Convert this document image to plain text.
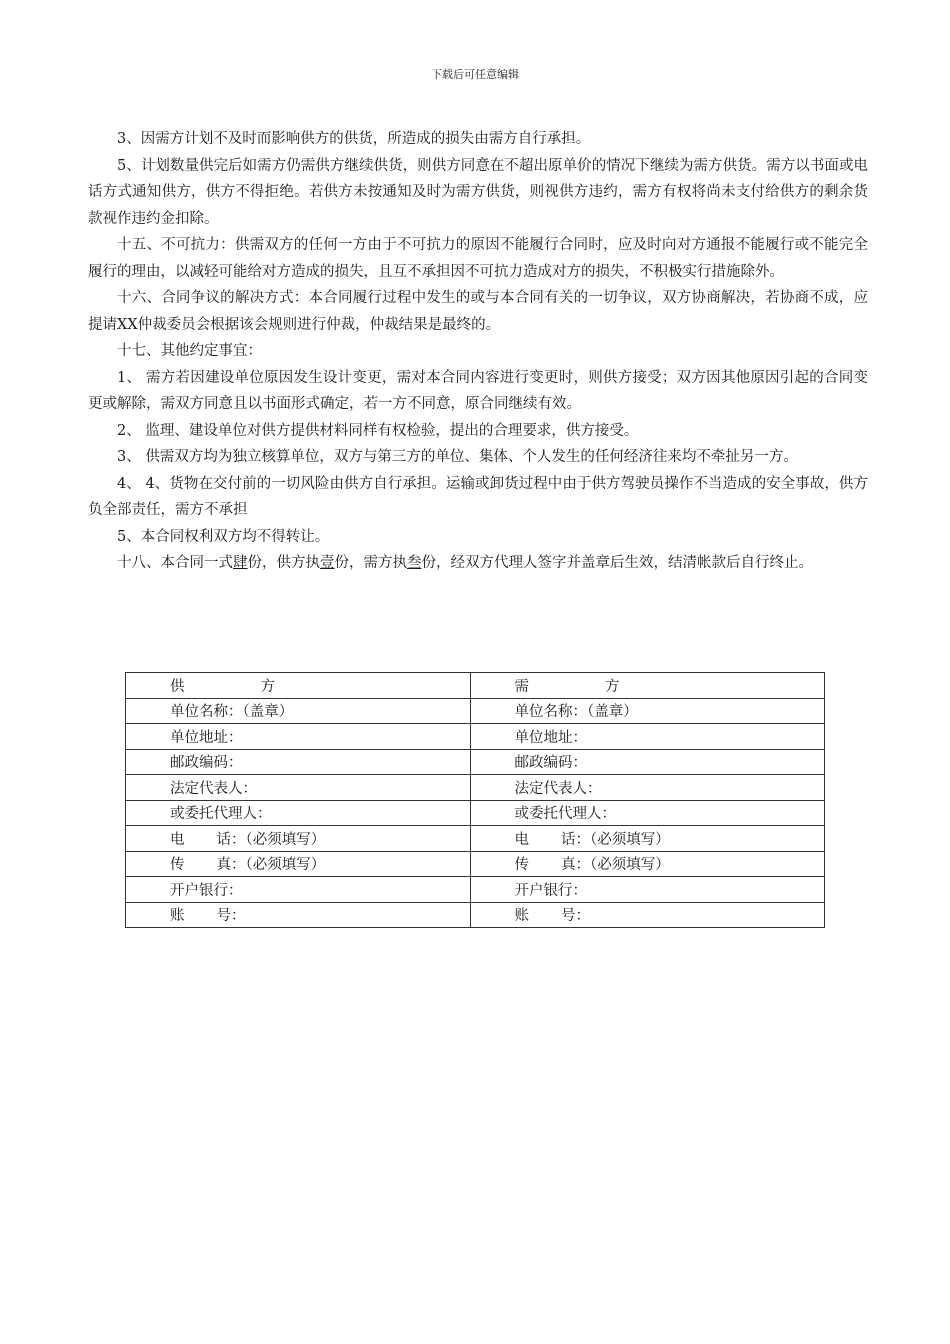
下载后可任意编辑

3、因需方计划不及时而影响供方的供货，所造成的损失由需方自行承担。

5、计划数量供完后如需方仍需供方继续供货，则供方同意在不超出原单价的情况下继续为需方供货。需方以书面或电话方式通知供方，供方不得拒绝。若供方未按通知及时为需方供货，则视供方违约，需方有权将尚未支付给供方的剩余货款视作违约金扣除。

十五、不可抗力：供需双方的任何一方由于不可抗力的原因不能履行合同时，应及时向对方通报不能履行或不能完全履行的理由，以减轻可能给对方造成的损失，且互不承担因不可抗力造成对方的损失，不积极实行措施除外。

十六、合同争议的解决方式：本合同履行过程中发生的或与本合同有关的一切争议，双方协商解决，若协商不成，应提请XX仲裁委员会根据该会规则进行仲裁，仲裁结果是最终的。

十七、其他约定事宜：

1、 需方若因建设单位原因发生设计变更，需对本合同内容进行变更时，则供方接受；双方因其他原因引起的合同变更或解除，需双方同意且以书面形式确定，若一方不同意，原合同继续有效。

2、 监理、建设单位对供方提供材料同样有权检验，提出的合理要求，供方接受。

3、 供需双方均为独立核算单位，双方与第三方的单位、集体、个人发生的任何经济往来均不牵扯另一方。

4、 4、货物在交付前的一切风险由供方自行承担。运输或卸货过程中由于供方驾驶员操作不当造成的安全事故，供方负全部责任，需方不承担

5、本合同权利双方均不得转让。

十八、本合同一式肆份，供方执壹份，需方执叁份，经双方代理人签字并盖章后生效，结清帐款后自行终止。

供 方	需 方
单位名称：（盖章）	单位名称：（盖章）
单位地址：	单位地址：
邮政编码：	邮政编码：
法定代表人：	法定代表人：
或委托代理人：	或委托代理人：
电 话：（必须填写）	电 话：（必须填写）
传 真：（必须填写）	传 真：（必须填写）
开户银行：	开户银行：
账 号：	账 号：
